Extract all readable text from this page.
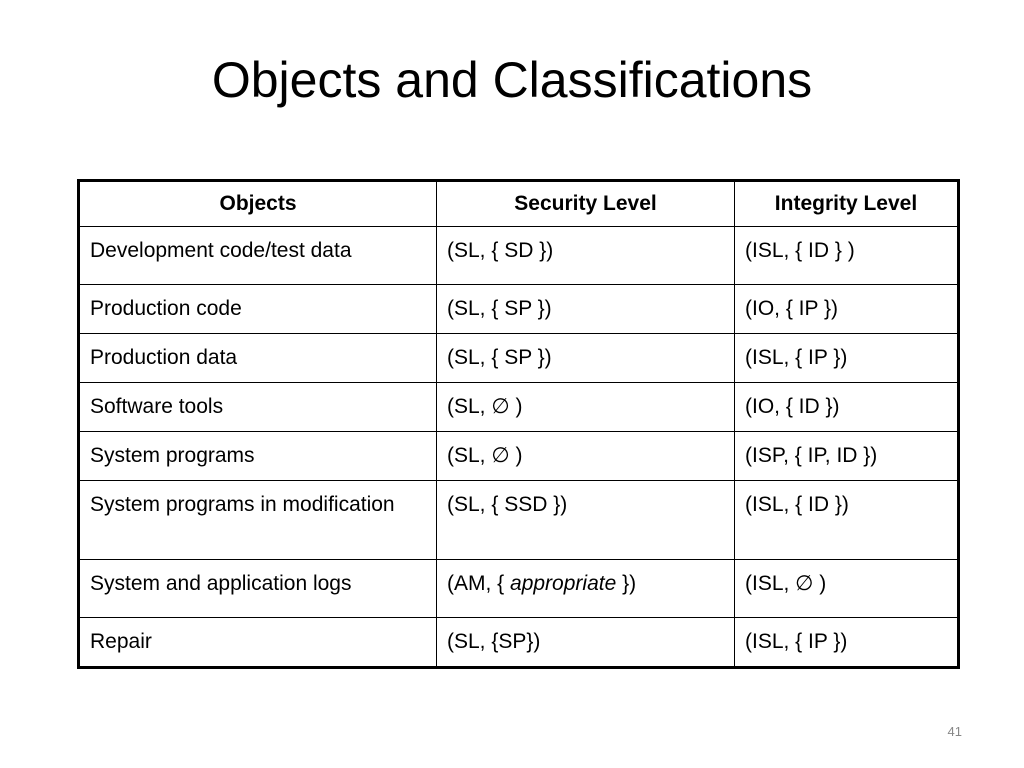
Objects and Classifications
Objects	Security Level	Integrity Level
Development code/test data	(SL, { SD })	(ISL, { ID } )
Production code	(SL, { SP })	(IO, { IP })
Production data	(SL, { SP })	(ISL, { IP })
Software tools	(SL, ∅ )	(IO, { ID })
System programs	(SL, ∅ )	(ISP, { IP, ID })
System programs in modification	(SL, { SSD })	(ISL, { ID })
System and application logs	(AM, { appropriate })	(ISL, ∅ )
Repair	(SL, {SP})	(ISL, { IP })
41
